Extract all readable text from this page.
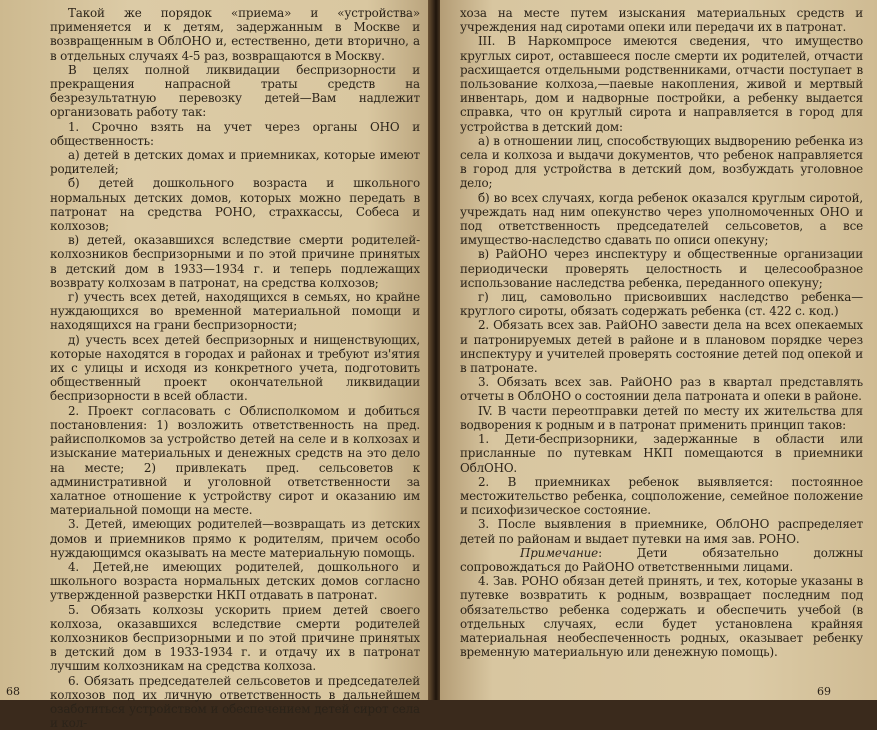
Такой же порядок «приема» и «устройства» применяется и к детям, задержанным в Москве и возвращенным в ОблОНО и, естественно, дети вторично, а в отдельных случаях 4-5 раз, возвращаются в Москву.

В целях полной ликвидации беспризорности и прекращения напрасной траты средств на безрезультатную перевозку детей—Вам надлежит организовать работу так:

1. Срочно взять на учет через органы ОНО и общественность:

а) детей в детских домах и приемниках, которые имеют родителей;

б) детей дошкольного возраста и школьного нормальных детских домов, которых можно передать в патронат на средства РОНО, страхкассы, Собеса и колхозов;

в) детей, оказавшихся вследствие смерти родителей-колхозников беспризорными и по этой причине принятых в детский дом в 1933—1934 г. и теперь подлежащих возврату колхозам в патронат, на средства колхозов;

г) учесть всех детей, находящихся в семьях, но крайне нуждающихся во временной материальной помощи и находящихся на грани беспризорности;

д) учесть всех детей беспризорных и нищенствующих, которые находятся в городах и районах и требуют из'ятия их с улицы и исходя из конкретного учета, подготовить общественный проект окончательной ликвидации беспризорности в всей области.

2. Проект согласовать с Облисполкомом и добиться постановления: 1) возложить ответственность на пред. райисполкомов за устройство детей на селе и в колхозах и изыскание материальных и денежных средств на это дело на месте; 2) привлекать пред. сельсоветов к административной и уголовной ответственности за халатное отношение к устройству сирот и оказанию им материальной помощи на месте.

3. Детей, имеющих родителей—возвращать из детских домов и приемников прямо к родителям, причем особо нуждающимся оказывать на месте материальную помощь.

4. Детей,не имеющих родителей, дошкольного и школьного возраста нормальных детских домов согласно утвержденной разверстки НКП отдавать в патронат.

5. Обязать колхозы ускорить прием детей своего колхоза, оказавшихся вследствие смерти родителей колхозников беспризорными и по этой причине принятых в детский дом в 1933-1934 г. и отдачу их в патронат лучшим колхозникам на средства колхоза.

6. Обязать председателей сельсоветов и председателей колхозов под их личную ответственность в дальнейшем озаботиться устройством и обеспечением детей сирот села и кол-

68

хоза на месте путем изыскания материальных средств и учреждения над сиротами опеки или передачи их в патронат.

III. В Наркомпросе имеются сведения, что имущество круглых сирот, оставшееся после смерти их родителей, отчасти расхищается отдельными родственниками, отчасти поступает в пользование колхоза,—паевые накопления, живой и мертвый инвентарь, дом и надворные постройки, а ребенку выдается справка, что он круглый сирота и направляется в город для устройства в детский дом:

а) в отношении лиц, способствующих выдворению ребенка из села и колхоза и выдачи документов, что ребенок направляется в город для устройства в детский дом, возбуждать уголовное дело;

б) во всех случаях, когда ребенок оказался круглым сиротой, учреждать над ним опекунство через уполномоченных ОНО и под ответственность председателей сельсоветов, а все имущество-наследство сдавать по описи опекуну;

в) РайОНО через инспектуру и общественные организации периодически проверять целостность и целесообразное использование наследства ребенка, переданного опекуну;

г) лиц, самовольно присвоивших наследство ребенка—круглого сироты, обязать содержать ребенка (ст. 422 с. код.)

2. Обязать всех зав. РайОНО завести дела на всех опекаемых и патронируемых детей в районе и в плановом порядке через инспектуру и учителей проверять состояние детей под опекой и в патронате.

3. Обязать всех зав. РайОНО раз в квартал представлять отчеты в ОблОНО о состоянии дела патроната и опеки в районе.

IV. В части переотправки детей по месту их жительства для водворения к родным и в патронат применить принцип таков:

1. Дети-беспризорники, задержанные в области или присланные по путевкам НКП помещаются в приемники ОблОНО.

2. В приемниках ребенок выявляется: постоянное местожительство ребенка, соцположение, семейное положение и психофизическое состояние.

3. После выявления в приемнике, ОблОНО распределяет детей по районам и выдает путевки на имя зав. РОНО.

Примечание: Дети обязательно должны сопровождаться до РайОНО ответственными лицами.

4. Зав. РОНО обязан детей принять, и тех, которые указаны в путевке возвратить к родным, возвращает последним под обязательство ребенка содержать и обеспечить учебой (в отдельных случаях, если будет установлена крайняя материальная необеспеченность родных, оказывает ребенку временную материальную или денежную помощь).

69
